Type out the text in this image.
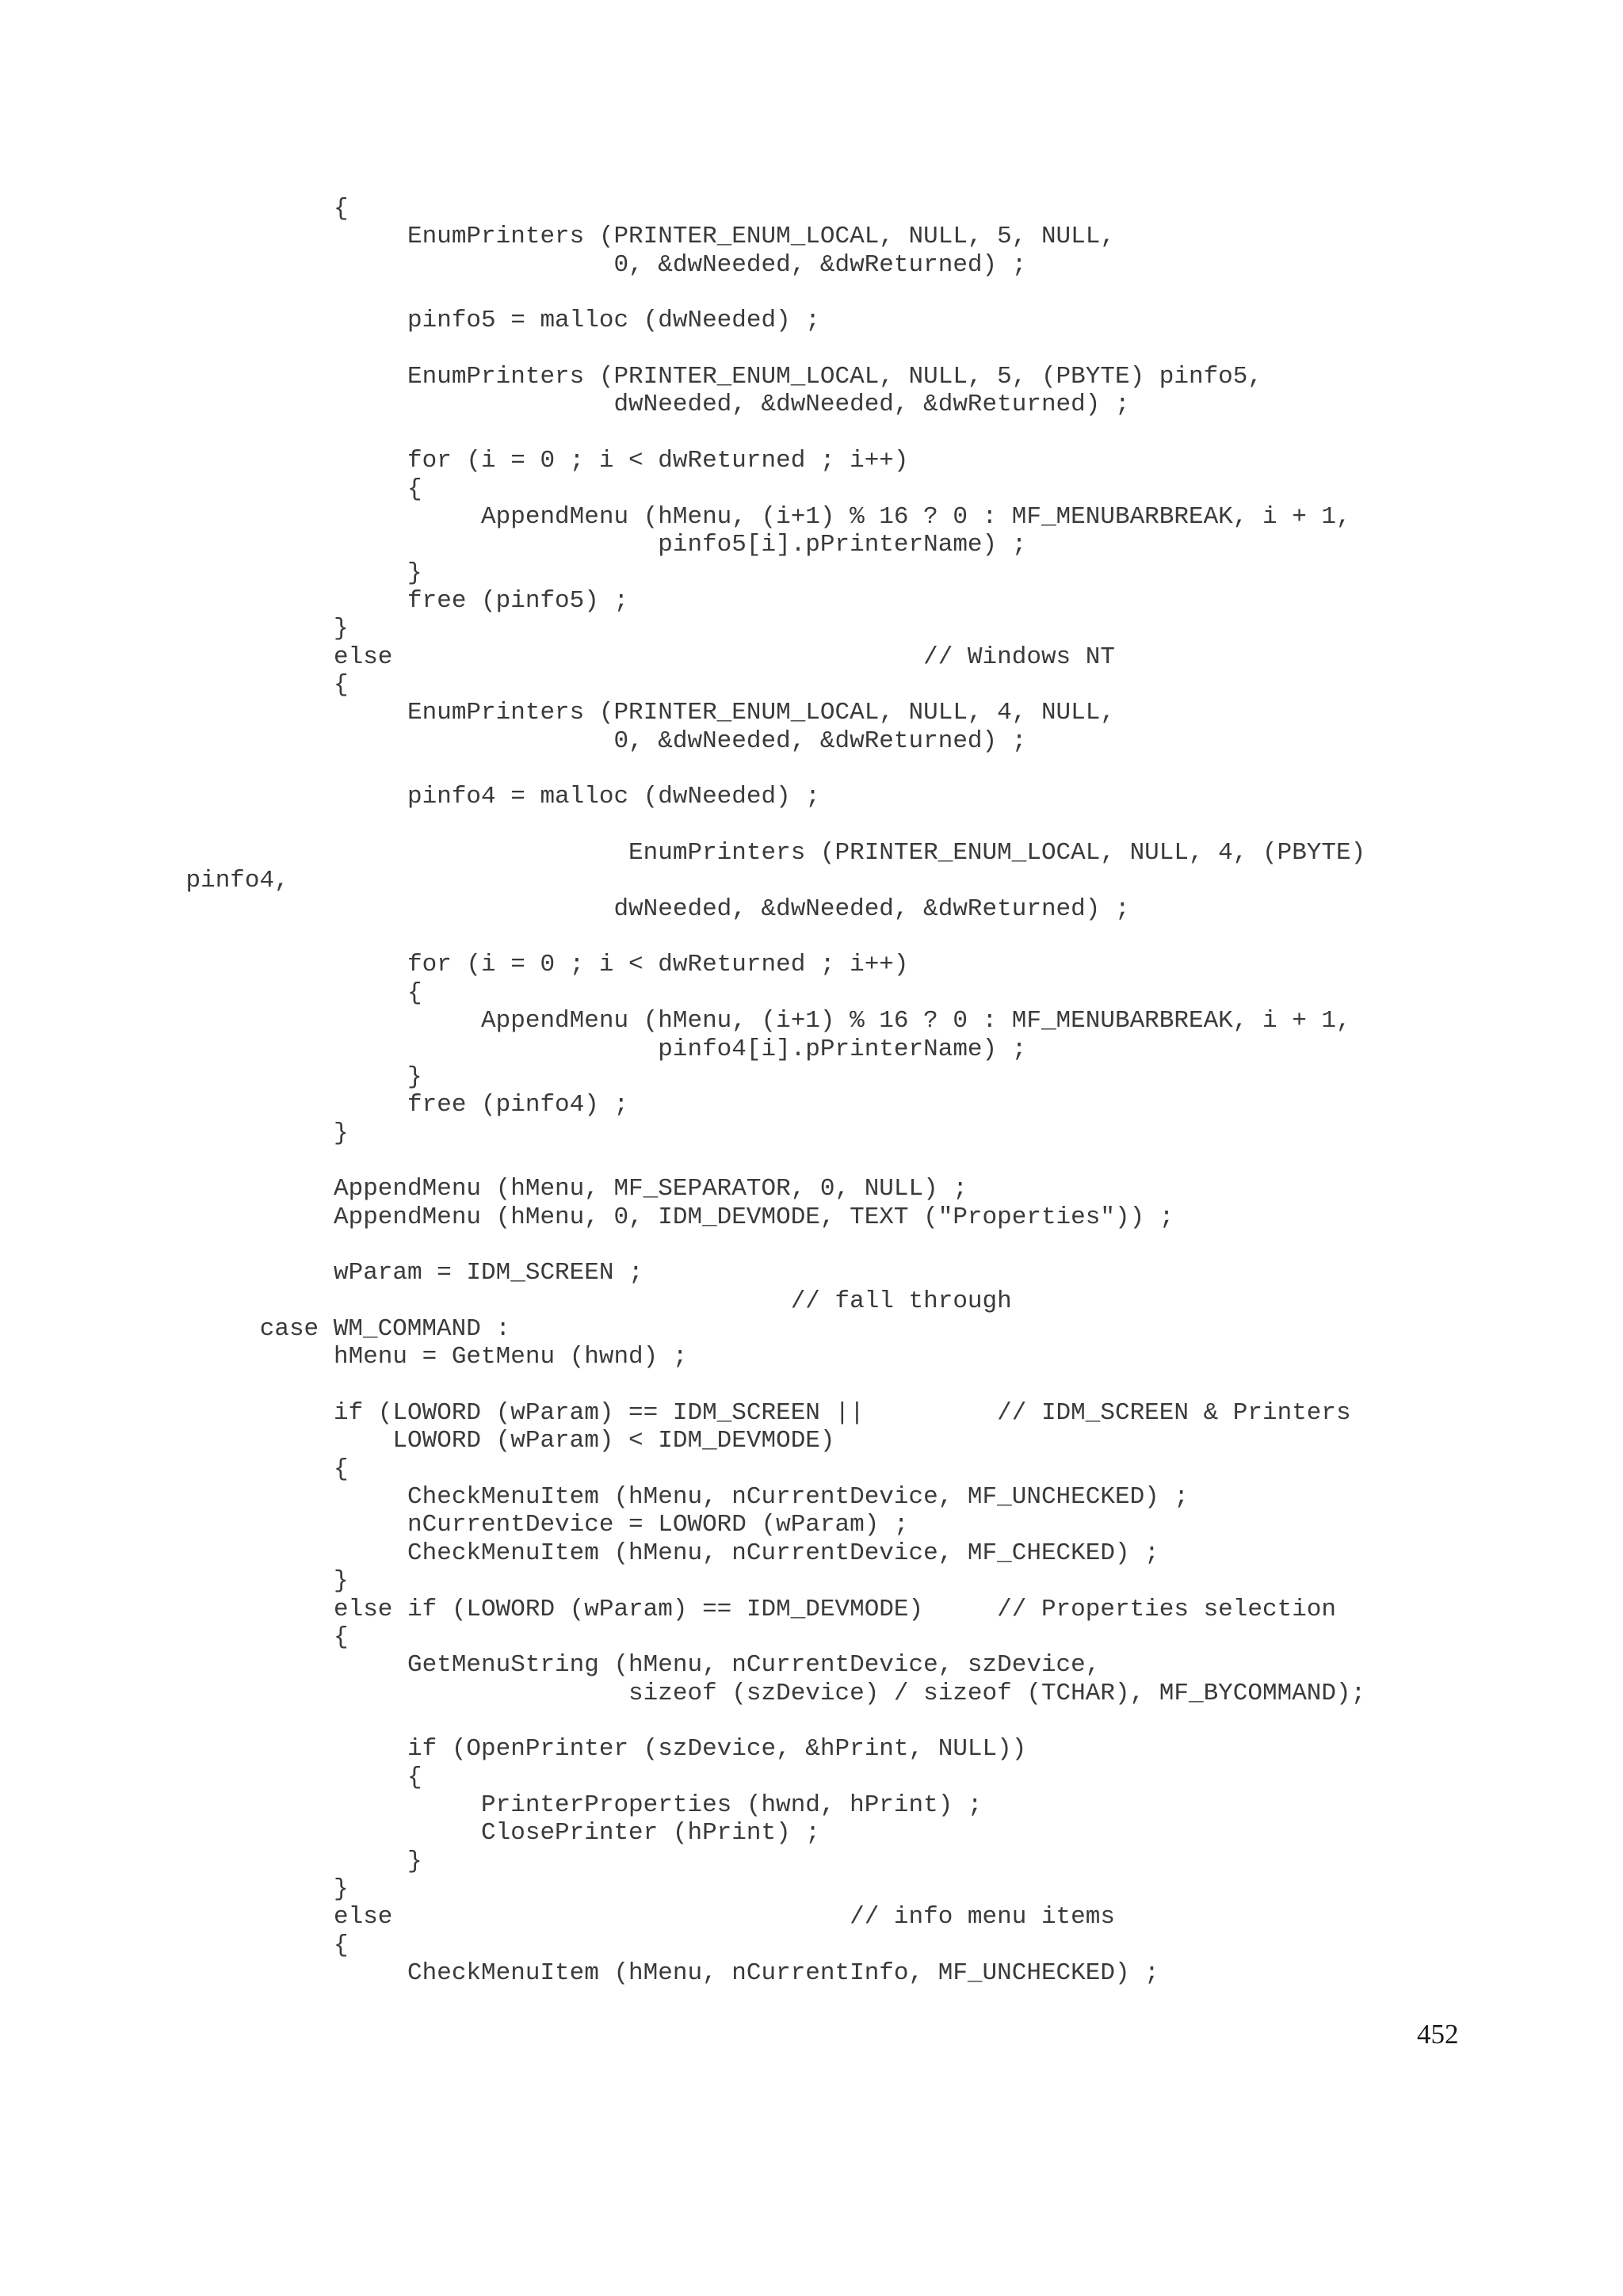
{
EnumPrinters (PRINTER_ENUM_LOCAL, NULL, 5, NULL,
0, &dwNeeded, &dwReturned) ;
pinfo5 = malloc (dwNeeded) ;
EnumPrinters (PRINTER_ENUM_LOCAL, NULL, 5, (PBYTE) pinfo5,
dwNeeded, &dwNeeded, &dwReturned) ;
for (i = 0 ; i < dwReturned ; i++)
{
AppendMenu (hMenu, (i+1) % 16 ? 0 : MF_MENUBARBREAK, i + 1,
pinfo5[i].pPrinterName) ;
}
free (pinfo5) ;
}
else                                    // Windows NT
{
EnumPrinters (PRINTER_ENUM_LOCAL, NULL, 4, NULL,
0, &dwNeeded, &dwReturned) ;
pinfo4 = malloc (dwNeeded) ;
EnumPrinters (PRINTER_ENUM_LOCAL, NULL, 4, (PBYTE)
pinfo4,
dwNeeded, &dwNeeded, &dwReturned) ;
for (i = 0 ; i < dwReturned ; i++)
{
AppendMenu (hMenu, (i+1) % 16 ? 0 : MF_MENUBARBREAK, i + 1,
pinfo4[i].pPrinterName) ;
}
free (pinfo4) ;
}
AppendMenu (hMenu, MF_SEPARATOR, 0, NULL) ;
AppendMenu (hMenu, 0, IDM_DEVMODE, TEXT ("Properties")) ;
wParam = IDM_SCREEN ;
// fall through
case WM_COMMAND :
hMenu = GetMenu (hwnd) ;
if (LOWORD (wParam) == IDM_SCREEN ||         // IDM_SCREEN & Printers
LOWORD (wParam) < IDM_DEVMODE)
{
CheckMenuItem (hMenu, nCurrentDevice, MF_UNCHECKED) ;
nCurrentDevice = LOWORD (wParam) ;
CheckMenuItem (hMenu, nCurrentDevice, MF_CHECKED) ;
}
else if (LOWORD (wParam) == IDM_DEVMODE)     // Properties selection
{
GetMenuString (hMenu, nCurrentDevice, szDevice,
sizeof (szDevice) / sizeof (TCHAR), MF_BYCOMMAND);
if (OpenPrinter (szDevice, &hPrint, NULL))
{
PrinterProperties (hwnd, hPrint) ;
ClosePrinter (hPrint) ;
}
}
else                               // info menu items
{
CheckMenuItem (hMenu, nCurrentInfo, MF_UNCHECKED) ;
452
